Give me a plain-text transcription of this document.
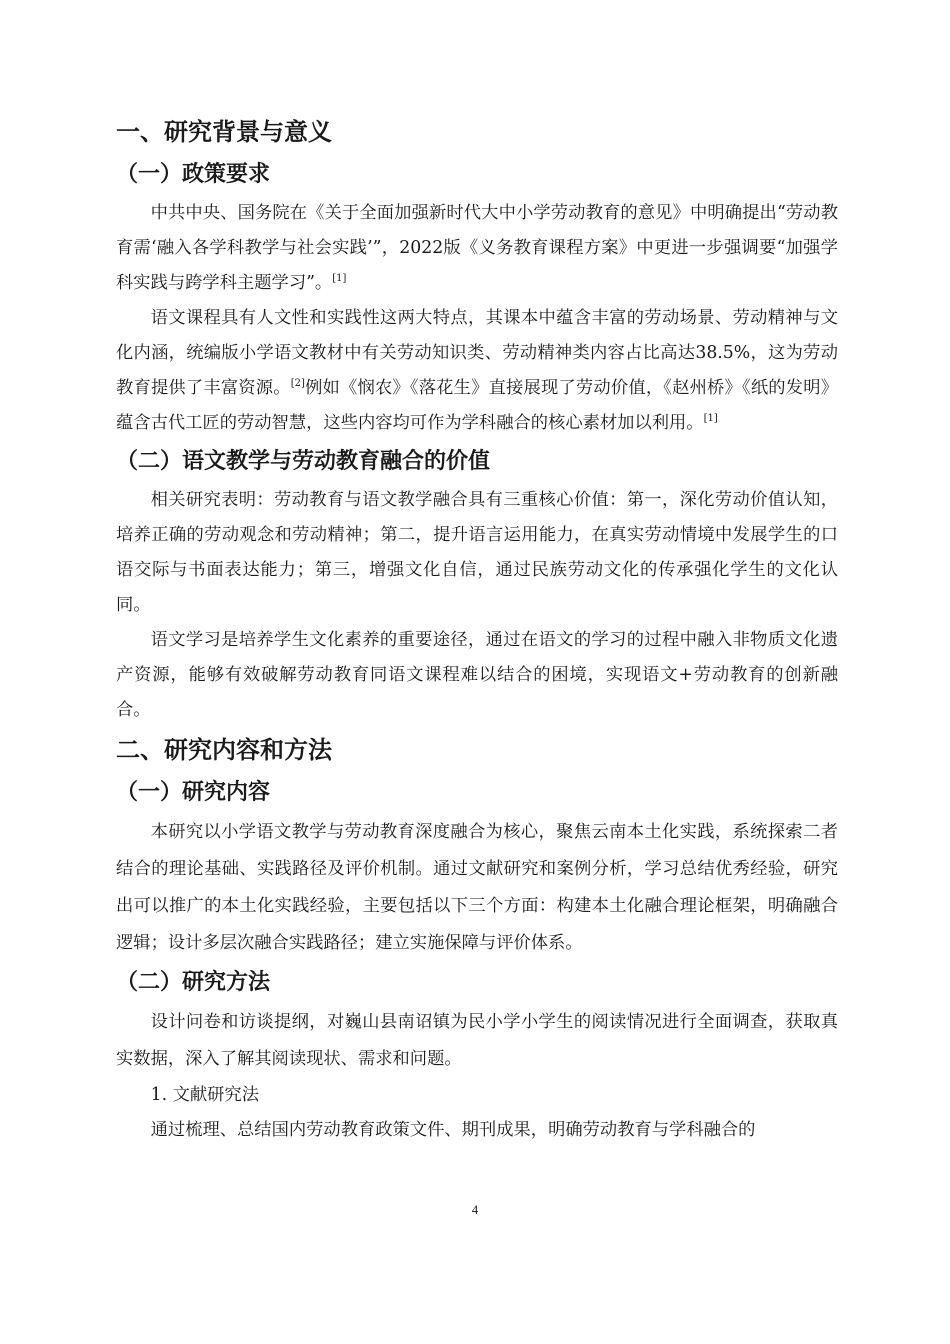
一、研究背景与意义
（一）政策要求

中共中央、国务院在《关于全面加强新时代大中小学劳动教育的意见》中明确提出“劳动教育需‘融入各学科教学与社会实践’”，2022版《义务教育课程方案》中更进一步强调要“加强学科实践与跨学科主题学习”。[1]

语文课程具有人文性和实践性这两大特点，其课本中蕴含丰富的劳动场景、劳动精神与文化内涵，统编版小学语文教材中有关劳动知识类、劳动精神类内容占比高达38.5%，这为劳动教育提供了丰富资源。[2]例如《悯农》《落花生》直接展现了劳动价值，《赵州桥》《纸的发明》蕴含古代工匠的劳动智慧，这些内容均可作为学科融合的核心素材加以利用。[1]

（二）语文教学与劳动教育融合的价值

相关研究表明：劳动教育与语文教学融合具有三重核心价值：第一，深化劳动价值认知，培养正确的劳动观念和劳动精神；第二，提升语言运用能力，在真实劳动情境中发展学生的口语交际与书面表达能力；第三，增强文化自信，通过民族劳动文化的传承强化学生的文化认同。

语文学习是培养学生文化素养的重要途径，通过在语文的学习的过程中融入非物质文化遗产资源，能够有效破解劳动教育同语文课程难以结合的困境，实现语文+劳动教育的创新融合。

二、研究内容和方法
（一）研究内容

本研究以小学语文教学与劳动教育深度融合为核心，聚焦云南本土化实践，系统探索二者结合的理论基础、实践路径及评价机制。通过文献研究和案例分析，学习总结优秀经验，研究出可以推广的本土化实践经验，主要包括以下三个方面：构建本土化融合理论框架，明确融合逻辑；设计多层次融合实践路径；建立实施保障与评价体系。

（二）研究方法

设计问卷和访谈提纲，对巍山县南诏镇为民小学小学生的阅读情况进行全面调查，获取真实数据，深入了解其阅读现状、需求和问题。

1. 文献研究法

通过梳理、总结国内劳动教育政策文件、期刊成果，明确劳动教育与学科融合的

4
